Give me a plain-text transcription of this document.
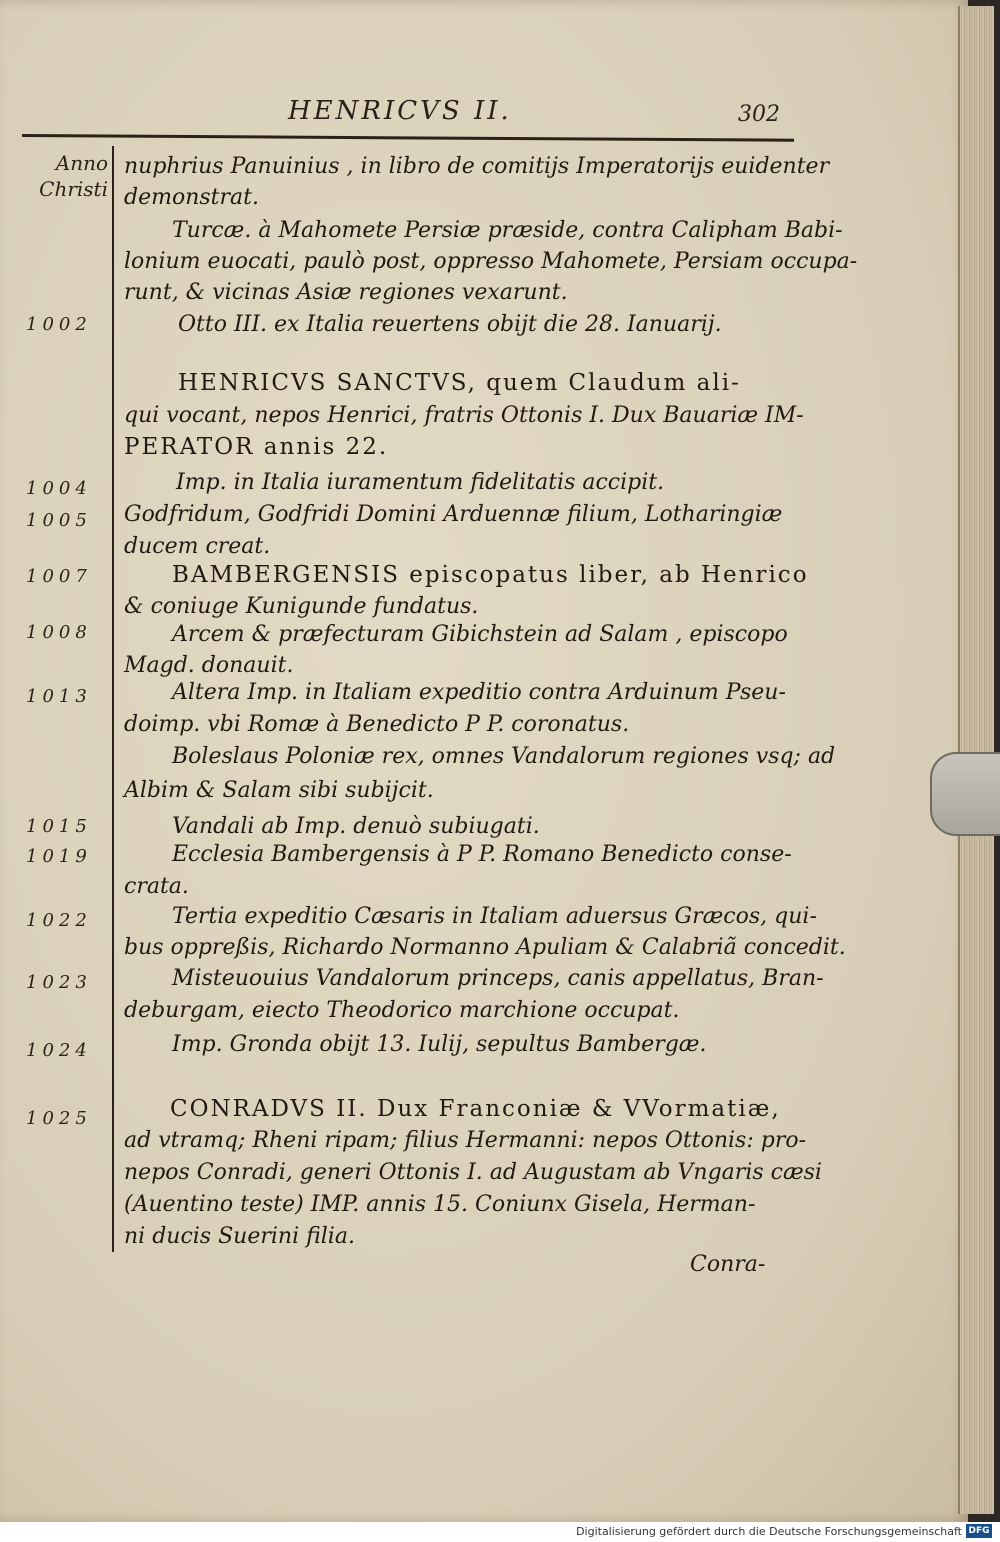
HENRICVS II.	302
Anno
Christi
1002
1004
1005
1007
1008
1013
1015
1019
1022
1023
1024
1025
nuphrius Panuinius , in libro de comitijs Imperatorijs euidenter
demonstrat.
Turcæ. à Mahomete Persiæ præside, contra Calipham Babi-
lonium euocati, paulò post, oppresso Mahomete, Persiam occupa-
runt, & vicinas Asiæ regiones vexarunt.
Otto III. ex Italia reuertens obijt die 28. Ianuarij.
HENRICVS SANCTVS, quem Claudum ali-
qui vocant, nepos Henrici, fratris Ottonis I. Dux Bauariæ IM-
PERATOR annis 22.
Imp. in Italia iuramentum fidelitatis accipit.
Godfridum, Godfridi Domini Arduennæ filium, Lotharingiæ
ducem creat.
BAMBERGENSIS episcopatus liber, ab Henrico
& coniuge Kunigunde fundatus.
Arcem & præfecturam Gibichstein ad Salam , episcopo
Magd. donauit.
Altera Imp. in Italiam expeditio contra Arduinum Pseu-
doimp. vbi Romæ à Benedicto P P. coronatus.
Boleslaus Poloniæ rex, omnes Vandalorum regiones vsq; ad
Albim & Salam sibi subijcit.
Vandali ab Imp. denuò subiugati.
Ecclesia Bambergensis à P P. Romano Benedicto conse-
crata.
Tertia expeditio Cæsaris in Italiam aduersus Græcos, qui-
bus oppreßis, Richardo Normanno Apuliam & Calabriã concedit.
Misteuouius Vandalorum princeps, canis appellatus, Bran-
deburgam, eiecto Theodorico marchione occupat.
Imp. Gronda obijt 13. Iulij, sepultus Bambergæ.
CONRADVS II. Dux Franconiæ & VVormatiæ,
ad vtramq; Rheni ripam; filius Hermanni: nepos Ottonis: pro-
nepos Conradi, generi Ottonis I. ad Augustam ab Vngaris cæsi
(Auentino teste) IMP. annis 15. Coniunx Gisela, Herman-
ni ducis Suerini filia.
Conra-
Digitalisierung gefördert durch die Deutsche Forschungsgemeinschaft DFG
